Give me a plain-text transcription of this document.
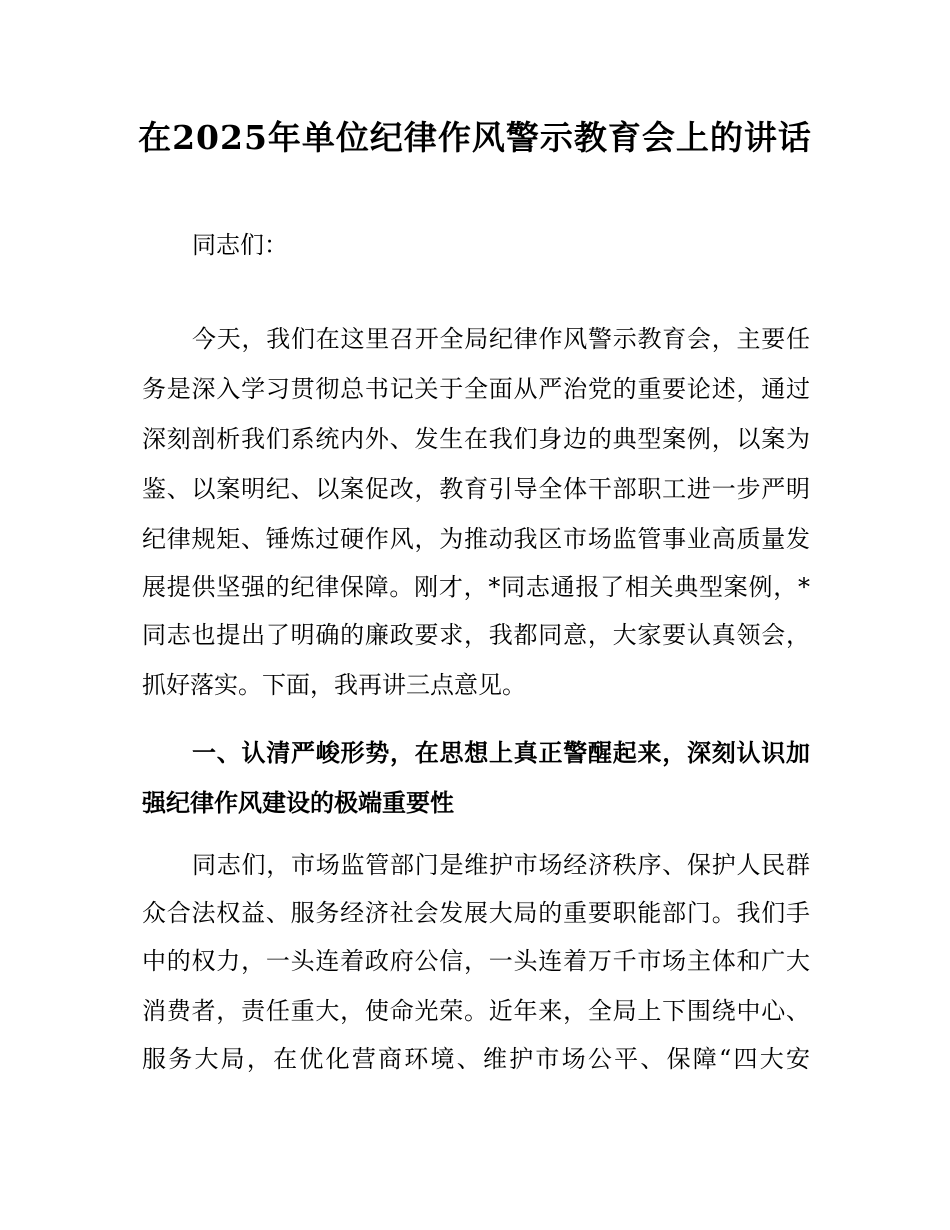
在2025年单位纪律作风警示教育会上的讲话

同志们：

今天，我们在这里召开全局纪律作风警示教育会，主要任

务是深入学习贯彻总书记关于全面从严治党的重要论述，通过

深刻剖析我们系统内外、发生在我们身边的典型案例，以案为

鉴、以案明纪、以案促改，教育引导全体干部职工进一步严明

纪律规矩、锤炼过硬作风，为推动我区市场监管事业高质量发

展提供坚强的纪律保障。刚才，*同志通报了相关典型案例，*

同志也提出了明确的廉政要求，我都同意，大家要认真领会，

抓好落实。下面，我再讲三点意见。

一、认清严峻形势，在思想上真正警醒起来，深刻认识加

强纪律作风建设的极端重要性

同志们，市场监管部门是维护市场经济秩序、保护人民群

众合法权益、服务经济社会发展大局的重要职能部门。我们手

中的权力，一头连着政府公信，一头连着万千市场主体和广大

消费者，责任重大，使命光荣。近年来，全局上下围绕中心、

服务大局，在优化营商环境、维护市场公平、保障“四大安
